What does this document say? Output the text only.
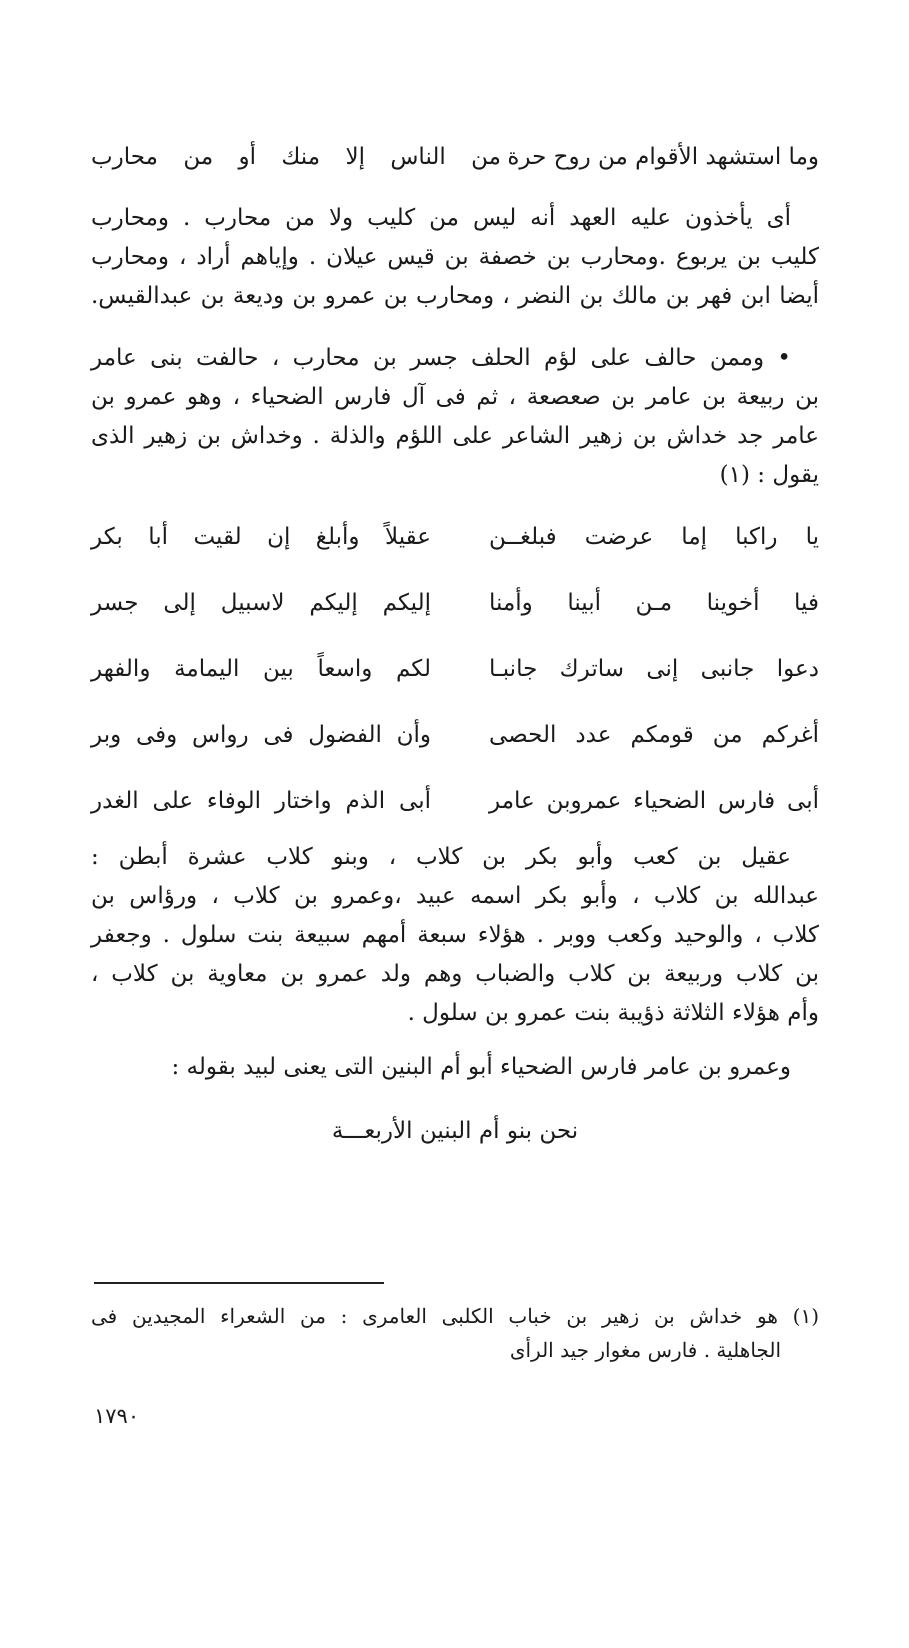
وما استشهد الأقوام من روح حرة
من الناس إلا منك أو من محارب
أى يأخذون عليه العهد أنه ليس من كليب ولا من محارب . ومحارب
كليب بن يربوع .ومحارب بن خصفة بن قيس عيلان . وإياهم أراد ، ومحارب
أيضا ابن فهر بن مالك بن النضر ، ومحارب بن عمرو بن وديعة بن عبدالقيس.
• وممن حالف على لؤم الحلف جسر بن محارب ، حالفت بنى عامر
بن ربيعة بن عامر بن صعصعة ، ثم فى آل فارس الضحياء ، وهو عمرو بن
عامر جد خداش بن زهير الشاعر على اللؤم والذلة . وخداش بن زهير الذى
يقول : (١)
يا راكبا إما عرضت فبلغــن
عقيلاً وأبلغ إن لقيت أبا بكر
فيا أخوينا مـن أبينا وأمنا
إليكم إليكم لاسبيل إلى جسر
دعوا جانبى إنى ساترك جانبـا
لكم واسعاً بين اليمامة والفهر
أغركم من قومكم عدد الحصى
وأن الفضول فى رواس وفى وبر
أبى فارس الضحياء عمروبن عامر
أبى الذم واختار الوفاء على الغدر
عقيل بن كعب وأبو بكر بن كلاب ، وبنو كلاب عشرة أبطن :
عبدالله بن كلاب ، وأبو بكر اسمه عبيد ،وعمرو بن كلاب ، ورؤاس بن
كلاب ، والوحيد وكعب ووبر . هؤلاء سبعة أمهم سبيعة بنت سلول . وجعفر
بن كلاب وربيعة بن كلاب والضباب وهم ولد عمرو بن معاوية بن كلاب ،
وأم هؤلاء الثلاثة ذؤيبة بنت عمرو بن سلول .
وعمرو بن عامر فارس الضحياء أبو أم البنين التى يعنى لبيد بقوله :
نحن بنو أم البنين الأربعـــة
(١) هو خداش بن زهير بن خباب الكلبى العامرى : من الشعراء المجيدين فى
الجاهلية . فارس مغوار جيد الرأى
١٧٩٠
